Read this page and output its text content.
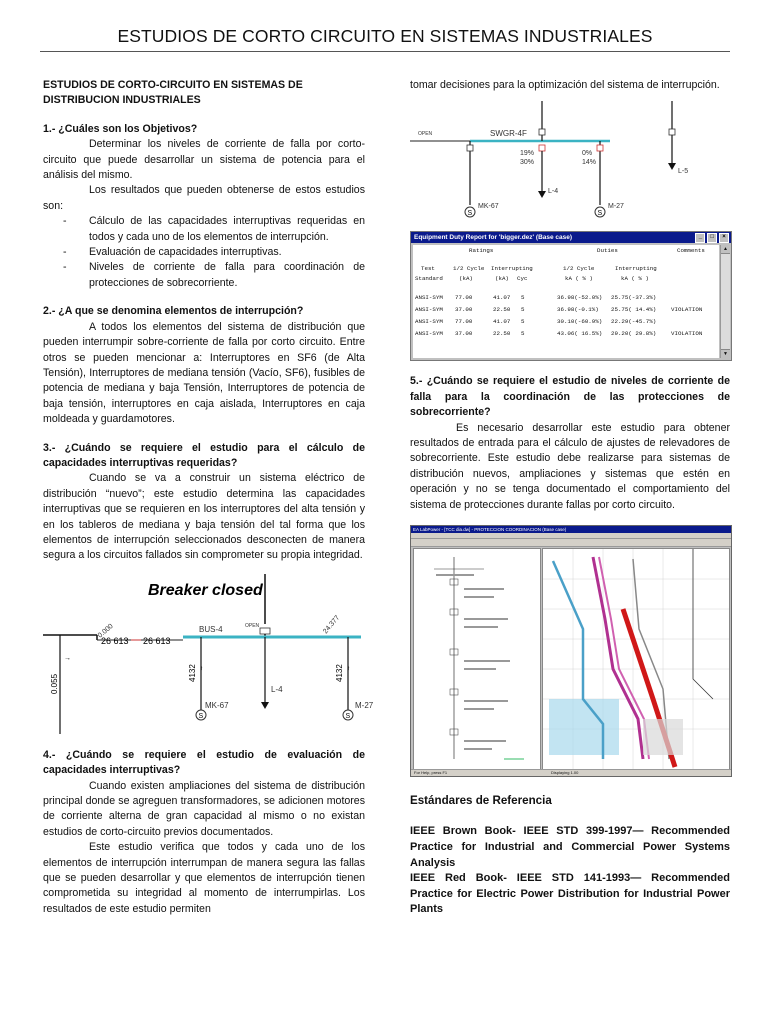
ESTUDIOS DE CORTO CIRCUITO EN SISTEMAS INDUSTRIALES

ESTUDIOS DE CORTO-CIRCUITO EN SISTEMAS DE

DISTRIBUCION INDUSTRIALES

1.- ¿Cuáles son los Objetivos?

Determinar los niveles de corriente de falla por corto-circuito que puede desarrollar un sistema de potencia para el análisis del mismo.

Los resultados que pueden obtenerse de estos estudios son:

- Cálculo de las capacidades interruptivas requeridas en todos y cada uno de los elementos de interrupción.
- Evaluación de capacidades interruptivas.
- Niveles de corriente de falla para coordinación de protecciones de sobrecorriente.

2.- ¿A que se denomina elementos de interrupción?

A todos los elementos del sistema de distribución que pueden interrumpir sobre-corriente de falla por corto circuito. Entre otros se pueden mencionar a: Interruptores en SF6 (de Alta Tensión), Interruptores de mediana tensión (Vacío, SF6), fusibles de potencia de mediana y baja Tensión, Interruptores de potencia de baja tensión, interruptores en caja aislada, Interruptores en caja moldeada y guardamotores.

3.- ¿Cuándo se requiere el estudio para el cálculo de capacidades interruptivas requeridas?

Cuando se va a construir un sistema eléctrico de distribución “nuevo”; este estudio determina las capacidades interruptivas que se requieren en los interruptores del alta tensión y en los tableros de mediana y baja tensión del tal forma que los elementos de interrupción seleccionados desconecten de manera segura a los circuitos fallados sin comprometer su propia integridad.

Breaker closed
OPEN
0.000
26 613 26 613
BUS-4	24.377
0.055
→
4132 ↑
S
MK-67
L-4
4132 ↑
S
M-27

4.- ¿Cuándo se requiere el estudio de evaluación de capacidades interruptivas?

Cuando existen ampliaciones del sistema de distribución principal donde se agreguen transformadores, se adicionen motores de corriente alterna de gran capacidad al mismo o no existan estudios de corto-circuito previos documentados.

Este estudio verifica que todos y cada uno de los elementos de interrupción interrumpan de manera segura las fallas que se pueden desarrollar y que elementos de interrupción tienen comprometida su integridad al momento de interrumpirlas. Los resultados de este estudio permiten

tomar decisiones para la optimización del sistema de interrupción.

OPEN	SWGR-4F
19%
30%
0%
14%
S
MK-67
L-4
S
M-27
L-5
Equipment Duty Report for 'bigger.dez' (Base case)	_ □ ×
Ratings	Duties	Comments
Test	1/2 Cycle Interrupting	1/2 Cycle	Interrupting
Standard	(kA)	(kA) Cyc	kA ( % )	kA ( % )
ANSI-SYM 77.00	41.07 5	36.98(-52.0%) 25.75(-37.3%)
ANSI-SYM 37.00	22.50 5	36.98(-0.1%) 25.75( 14.4%)	VIOLATION
ANSI-SYM 77.00	41.07 5	30.10(-60.9%) 22.29(-45.7%)
ANSI-SYM 37.00	22.50 5	43.06( 16.5%) 29.20( 29.8%)	VIOLATION
▲
▼

5.- ¿Cuándo se requiere el estudio de niveles de corriente de falla para la coordinación de las protecciones de sobrecorriente?

Es necesario desarrollar este estudio para obtener resultados de entrada para el cálculo de ajustes de relevadores de sobrecorriente. Este estudio debe realizarse para sistemas de distribución nuevos, ampliaciones y sistemas que estén en operación y no se tenga documentado el comportamiento del sistema de protecciones durante fallas por corto circuito.

EA LabPower - [TCC dia.dw] - PROTECCION COORDINACION (Base case)
For Help, press F1	Displaying 1.00

Estándares de Referencia

IEEE Brown Book- IEEE STD 399-1997— Recommended Practice for Industrial and Commercial Power Systems Analysis

IEEE Red Book- IEEE STD 141-1993— Recommended Practice for Electric Power Distribution for Industrial Power Plants
